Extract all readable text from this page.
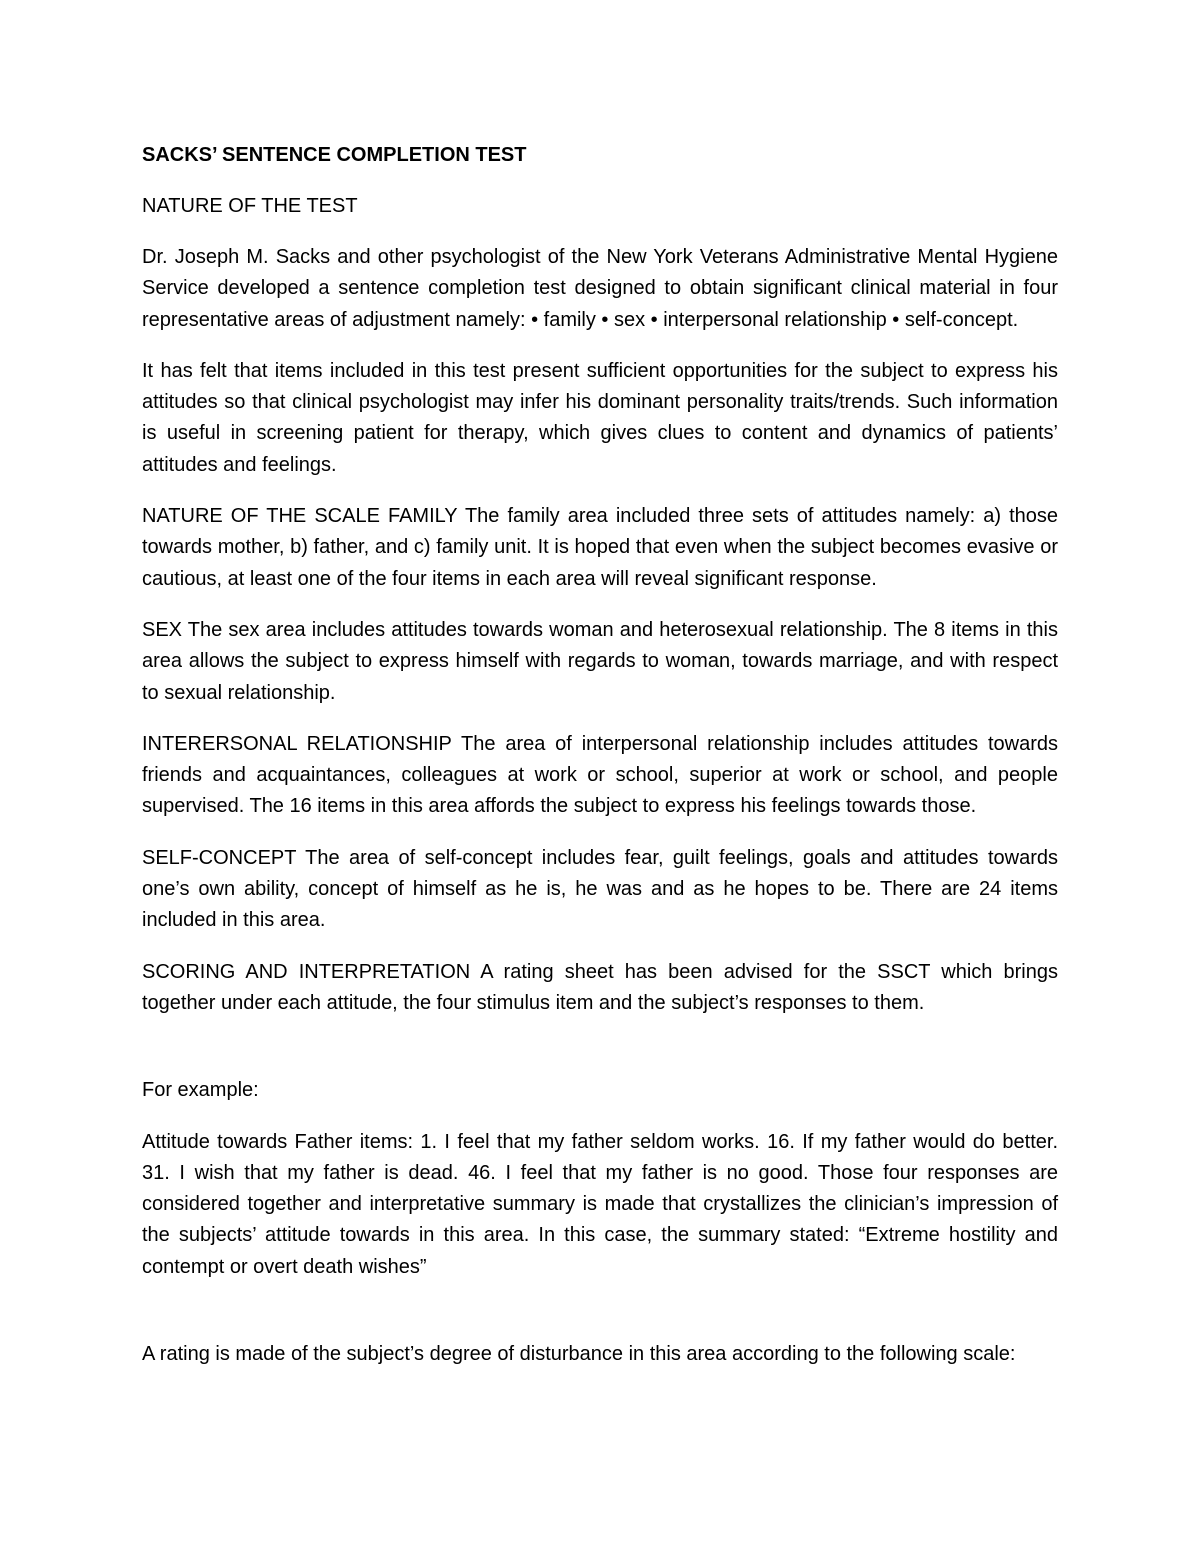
SACKS’ SENTENCE COMPLETION TEST

NATURE OF THE TEST

Dr. Joseph M. Sacks and other psychologist of the New York Veterans Administrative Mental Hygiene Service developed a sentence completion test designed to obtain significant clinical material in four representative areas of adjustment namely: • family • sex • interpersonal relationship • self-concept.

It has felt that items included in this test present sufficient opportunities for the subject to express his attitudes so that clinical psychologist may infer his dominant personality traits/trends. Such information is useful in screening patient for therapy, which gives clues to content and dynamics of patients’ attitudes and feelings.

NATURE OF THE SCALE FAMILY The family area included three sets of attitudes namely: a) those towards mother, b) father, and c) family unit. It is hoped that even when the subject becomes evasive or cautious, at least one of the four items in each area will reveal significant response.

SEX The sex area includes attitudes towards woman and heterosexual relationship. The 8 items in this area allows the subject to express himself with regards to woman, towards marriage, and with respect to sexual relationship.

INTERERSONAL RELATIONSHIP The area of interpersonal relationship includes attitudes towards friends and acquaintances, colleagues at work or school, superior at work or school, and people supervised. The 16 items in this area affords the subject to express his feelings towards those.

SELF-CONCEPT The area of self-concept includes fear, guilt feelings, goals and attitudes towards one’s own ability, concept of himself as he is, he was and as he hopes to be. There are 24 items included in this area.

SCORING AND INTERPRETATION A rating sheet has been advised for the SSCT which brings together under each attitude, the four stimulus item and the subject’s responses to them.

For example:

Attitude towards Father items: 1. I feel that my father seldom works. 16. If my father would do better. 31. I wish that my father is dead. 46. I feel that my father is no good. Those four responses are considered together and interpretative summary is made that crystallizes the clinician’s impression of the subjects’ attitude towards in this area. In this case, the summary stated: “Extreme hostility and contempt or overt death wishes”

A rating is made of the subject’s degree of disturbance in this area according to the following scale:
